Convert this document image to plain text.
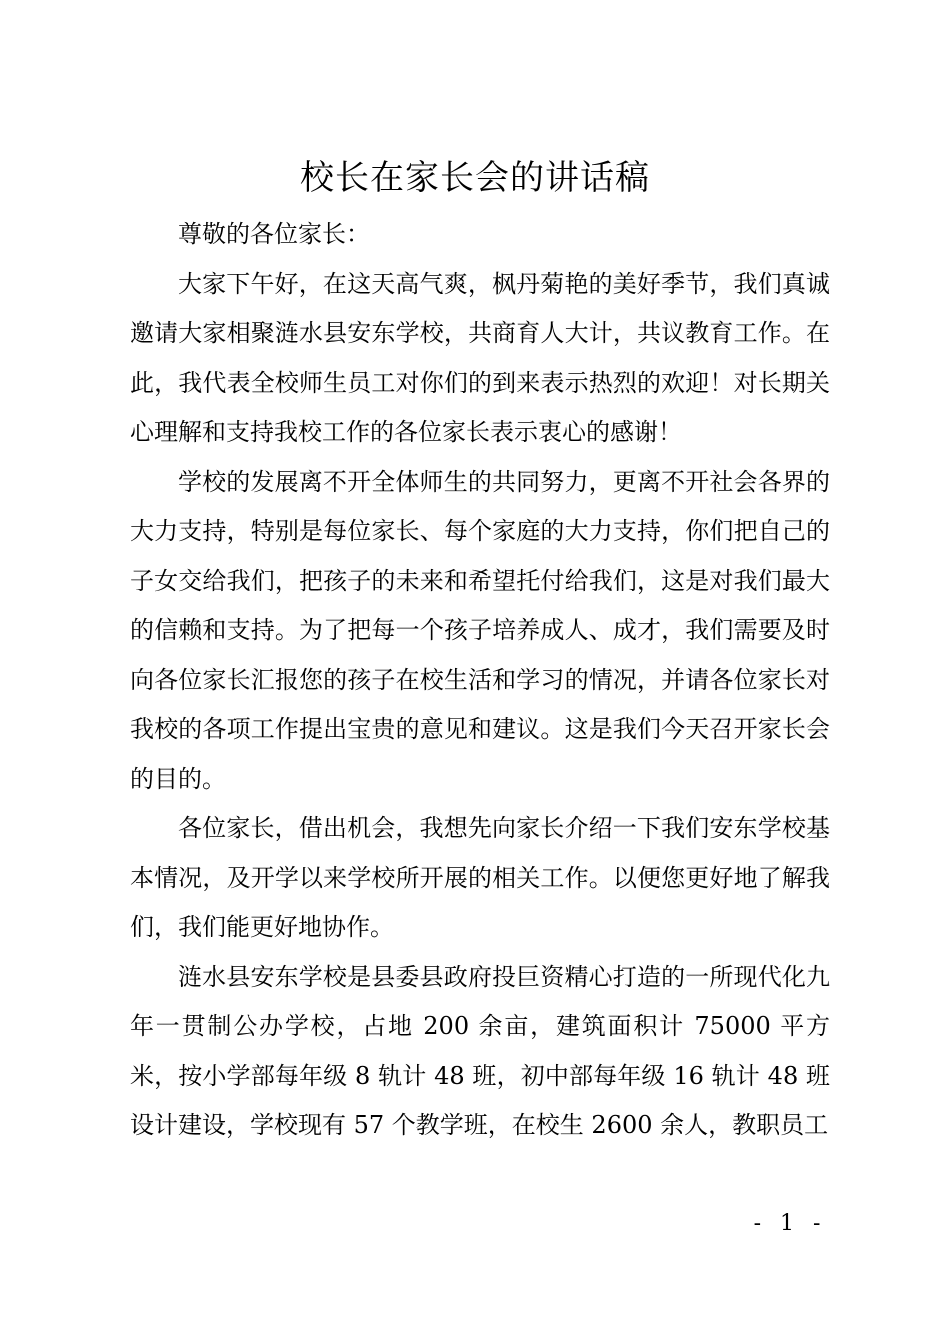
校长在家长会的讲话稿

尊敬的各位家长：

大家下午好，在这天高气爽，枫丹菊艳的美好季节，我们真诚邀请大家相聚涟水县安东学校，共商育人大计，共议教育工作。在此，我代表全校师生员工对你们的到来表示热烈的欢迎！对长期关心理解和支持我校工作的各位家长表示衷心的感谢！

学校的发展离不开全体师生的共同努力，更离不开社会各界的大力支持，特别是每位家长、每个家庭的大力支持，你们把自己的子女交给我们，把孩子的未来和希望托付给我们，这是对我们最大的信赖和支持。为了把每一个孩子培养成人、成才，我们需要及时向各位家长汇报您的孩子在校生活和学习的情况，并请各位家长对我校的各项工作提出宝贵的意见和建议。这是我们今天召开家长会的目的。

各位家长，借出机会，我想先向家长介绍一下我们安东学校基本情况，及开学以来学校所开展的相关工作。以便您更好地了解我们，我们能更好地协作。

涟水县安东学校是县委县政府投巨资精心打造的一所现代化九年一贯制公办学校，占地 200 余亩，建筑面积计 75000 平方米，按小学部每年级 8 轨计 48 班，初中部每年级 16 轨计 48 班设计建设，学校现有 57 个教学班，在校生 2600 余人，教职员工

- 1 -
